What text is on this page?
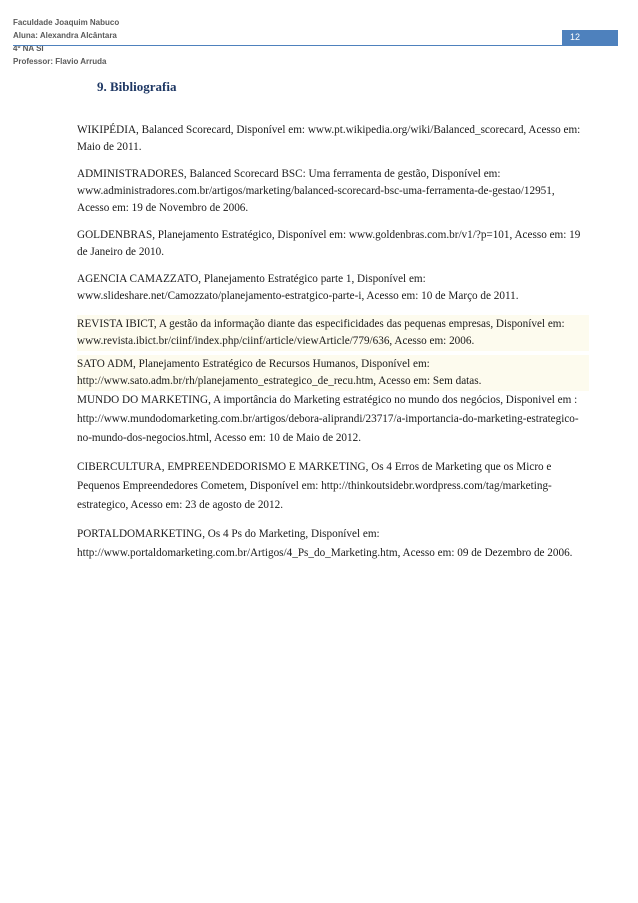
Faculdade Joaquim Nabuco
Aluna: Alexandra Alcântara
4º NA SI
Professor: Flavio Arruda
12
9. Bibliografia

WIKIPÉDIA, Balanced Scorecard, Disponível em: www.pt.wikipedia.org/wiki/Balanced_scorecard, Acesso em: Maio de 2011.

ADMINISTRADORES, Balanced Scorecard BSC: Uma ferramenta de gestão, Disponível em: www.administradores.com.br/artigos/marketing/balanced-scorecard-bsc-uma-ferramenta-de-gestao/12951, Acesso em: 19 de Novembro de 2006.

GOLDENBRAS, Planejamento Estratégico, Disponível em: www.goldenbras.com.br/v1/?p=101, Acesso em: 19 de Janeiro de 2010.

AGENCIA CAMAZZATO, Planejamento Estratégico parte 1, Disponível em: www.slideshare.net/Camozzato/planejamento-estratgico-parte-i, Acesso em: 10 de Março de 2011.

REVISTA IBICT, A gestão da informação diante das especificidades das pequenas empresas, Disponível em: www.revista.ibict.br/ciinf/index.php/ciinf/article/viewArticle/779/636, Acesso em: 2006.

SATO ADM, Planejamento Estratégico de Recursos Humanos, Disponível em: http://www.sato.adm.br/rh/planejamento_estrategico_de_recu.htm, Acesso em: Sem datas.

MUNDO DO MARKETING, A importância do Marketing estratégico no mundo dos negócios, Disponivel em : http://www.mundodomarketing.com.br/artigos/debora-aliprandi/23717/a-importancia-do-marketing-estrategico-no-mundo-dos-negocios.html, Acesso em: 10 de Maio de 2012.

CIBERCULTURA, EMPREENDEDORISMO E MARKETING, Os 4 Erros de Marketing que os Micro e Pequenos Empreendedores Cometem, Disponível em: http://thinkoutsidebr.wordpress.com/tag/marketing-estrategico, Acesso em: 23 de agosto de 2012.

PORTALDOMARKETING, Os 4 Ps do Marketing, Disponível em: http://www.portaldomarketing.com.br/Artigos/4_Ps_do_Marketing.htm, Acesso em: 09 de Dezembro de 2006.
